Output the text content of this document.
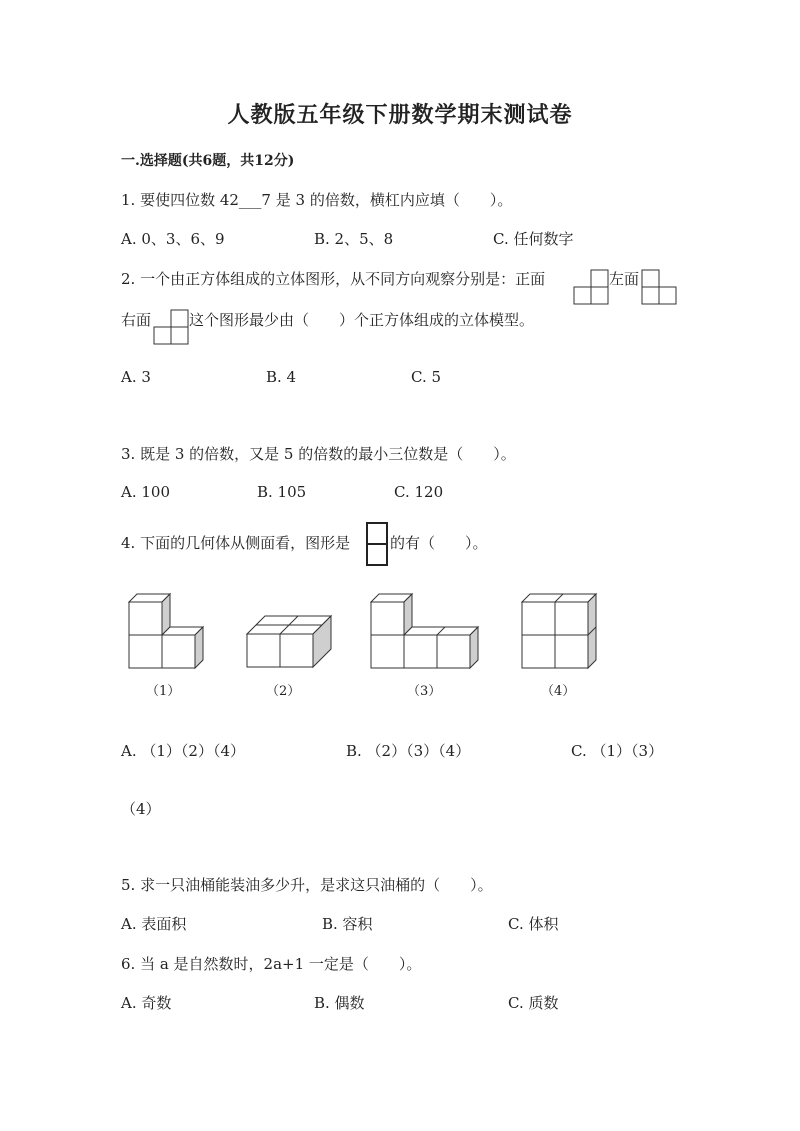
人教版五年级下册数学期末测试卷
一.选择题(共6题，共12分)
1. 要使四位数 42___7 是 3 的倍数，横杠内应填（　　）。
A. 0、3、6、9	B. 2、5、8	C. 任何数字
2. 一个由正方体组成的立体图形，从不同方向观察分别是：正面	左面
右面	这个图形最少由（　　）个正方体组成的立体模型。
A. 3	B. 4	C. 5
3. 既是 3 的倍数，又是 5 的倍数的最小三位数是（　　）。
A. 100	B. 105	C. 120
4. 下面的几何体从侧面看，图形是	的有（　　）。
（1）	（2）	（3）	（4）
A. （1）（2）（4）	B. （2）（3）（4）	C. （1）（3）
（4）
5. 求一只油桶能装油多少升，是求这只油桶的（　　）。
A. 表面积	B. 容积	C. 体积
6. 当 a 是自然数时，2a+1 一定是（　　）。
A. 奇数	B. 偶数	C. 质数
